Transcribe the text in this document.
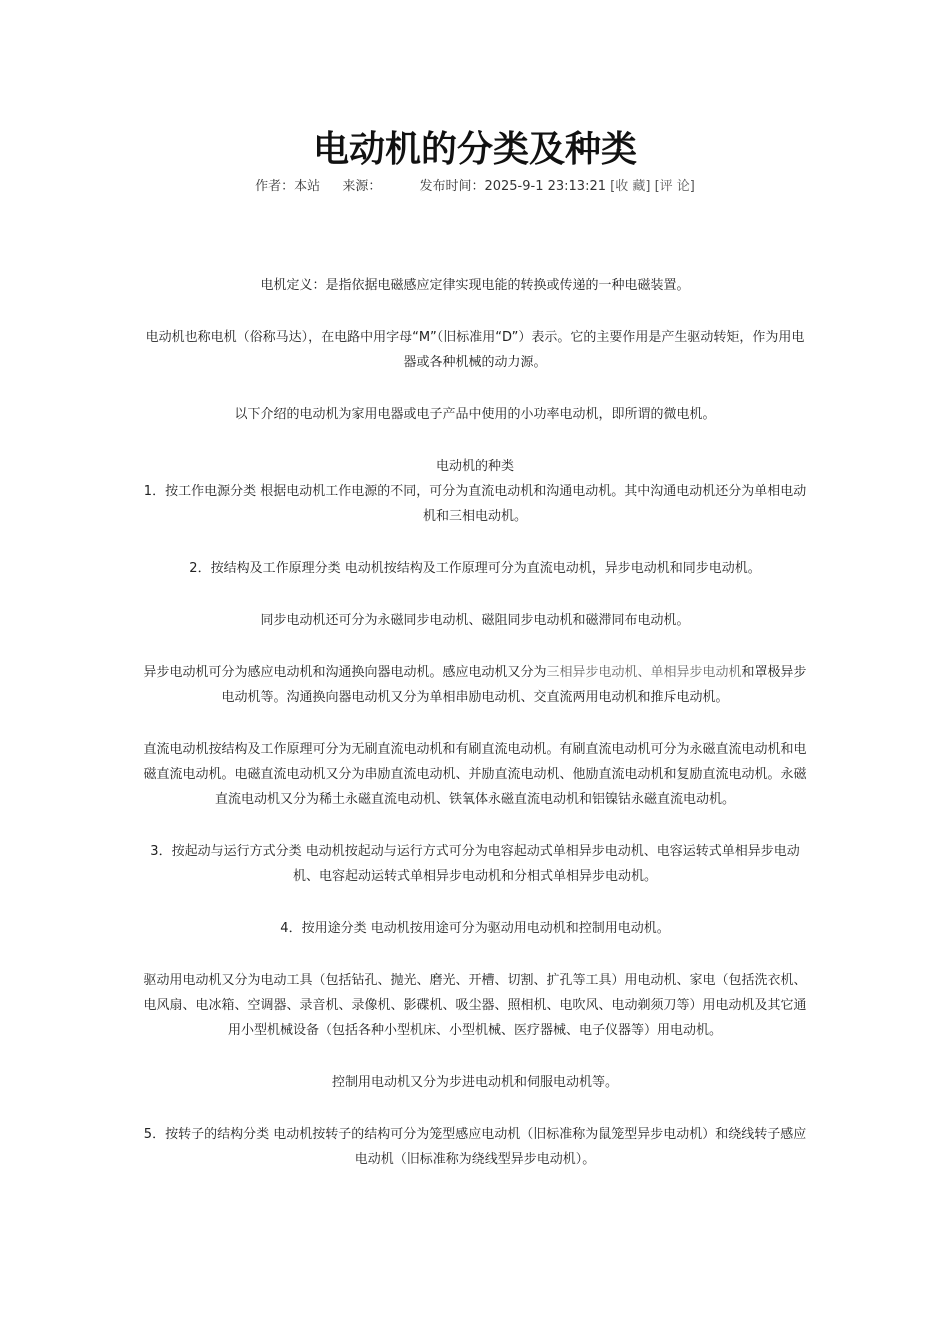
电动机的分类及种类
作者：本站 来源：	发布时间：2025-9-1 23:13:21 [收 藏] [评 论]

电机定义：是指依据电磁感应定律实现电能的转换或传递的一种电磁装置。

电动机也称电机（俗称马达），在电路中用字母“M”（旧标准用“D”）表示。它的主要作用是产生驱动转矩，作为用电器或各种机械的动力源。

以下介绍的电动机为家用电器或电子产品中使用的小功率电动机，即所谓的微电机。

电动机的种类

1．按工作电源分类 根据电动机工作电源的不同，可分为直流电动机和沟通电动机。其中沟通电动机还分为单相电动机和三相电动机。

2．按结构及工作原理分类 电动机按结构及工作原理可分为直流电动机，异步电动机和同步电动机。

同步电动机还可分为永磁同步电动机、磁阻同步电动机和磁滞同布电动机。

异步电动机可分为感应电动机和沟通换向器电动机。感应电动机又分为三相异步电动机、单相异步电动机和罩极异步电动机等。沟通换向器电动机又分为单相串励电动机、交直流两用电动机和推斥电动机。

直流电动机按结构及工作原理可分为无刷直流电动机和有刷直流电动机。有刷直流电动机可分为永磁直流电动机和电磁直流电动机。电磁直流电动机又分为串励直流电动机、并励直流电动机、他励直流电动机和复励直流电动机。永磁直流电动机又分为稀土永磁直流电动机、铁氧体永磁直流电动机和铝镍钴永磁直流电动机。

3．按起动与运行方式分类 电动机按起动与运行方式可分为电容起动式单相异步电动机、电容运转式单相异步电动机、电容起动运转式单相异步电动机和分相式单相异步电动机。

4．按用途分类 电动机按用途可分为驱动用电动机和控制用电动机。

驱动用电动机又分为电动工具（包括钻孔、抛光、磨光、开槽、切割、扩孔等工具）用电动机、家电（包括洗衣机、电风扇、电冰箱、空调器、录音机、录像机、影碟机、吸尘器、照相机、电吹风、电动剃须刀等）用电动机及其它通用小型机械设备（包括各种小型机床、小型机械、医疗器械、电子仪器等）用电动机。

控制用电动机又分为步进电动机和伺服电动机等。

5．按转子的结构分类 电动机按转子的结构可分为笼型感应电动机（旧标准称为鼠笼型异步电动机）和绕线转子感应电动机（旧标准称为绕线型异步电动机）。
